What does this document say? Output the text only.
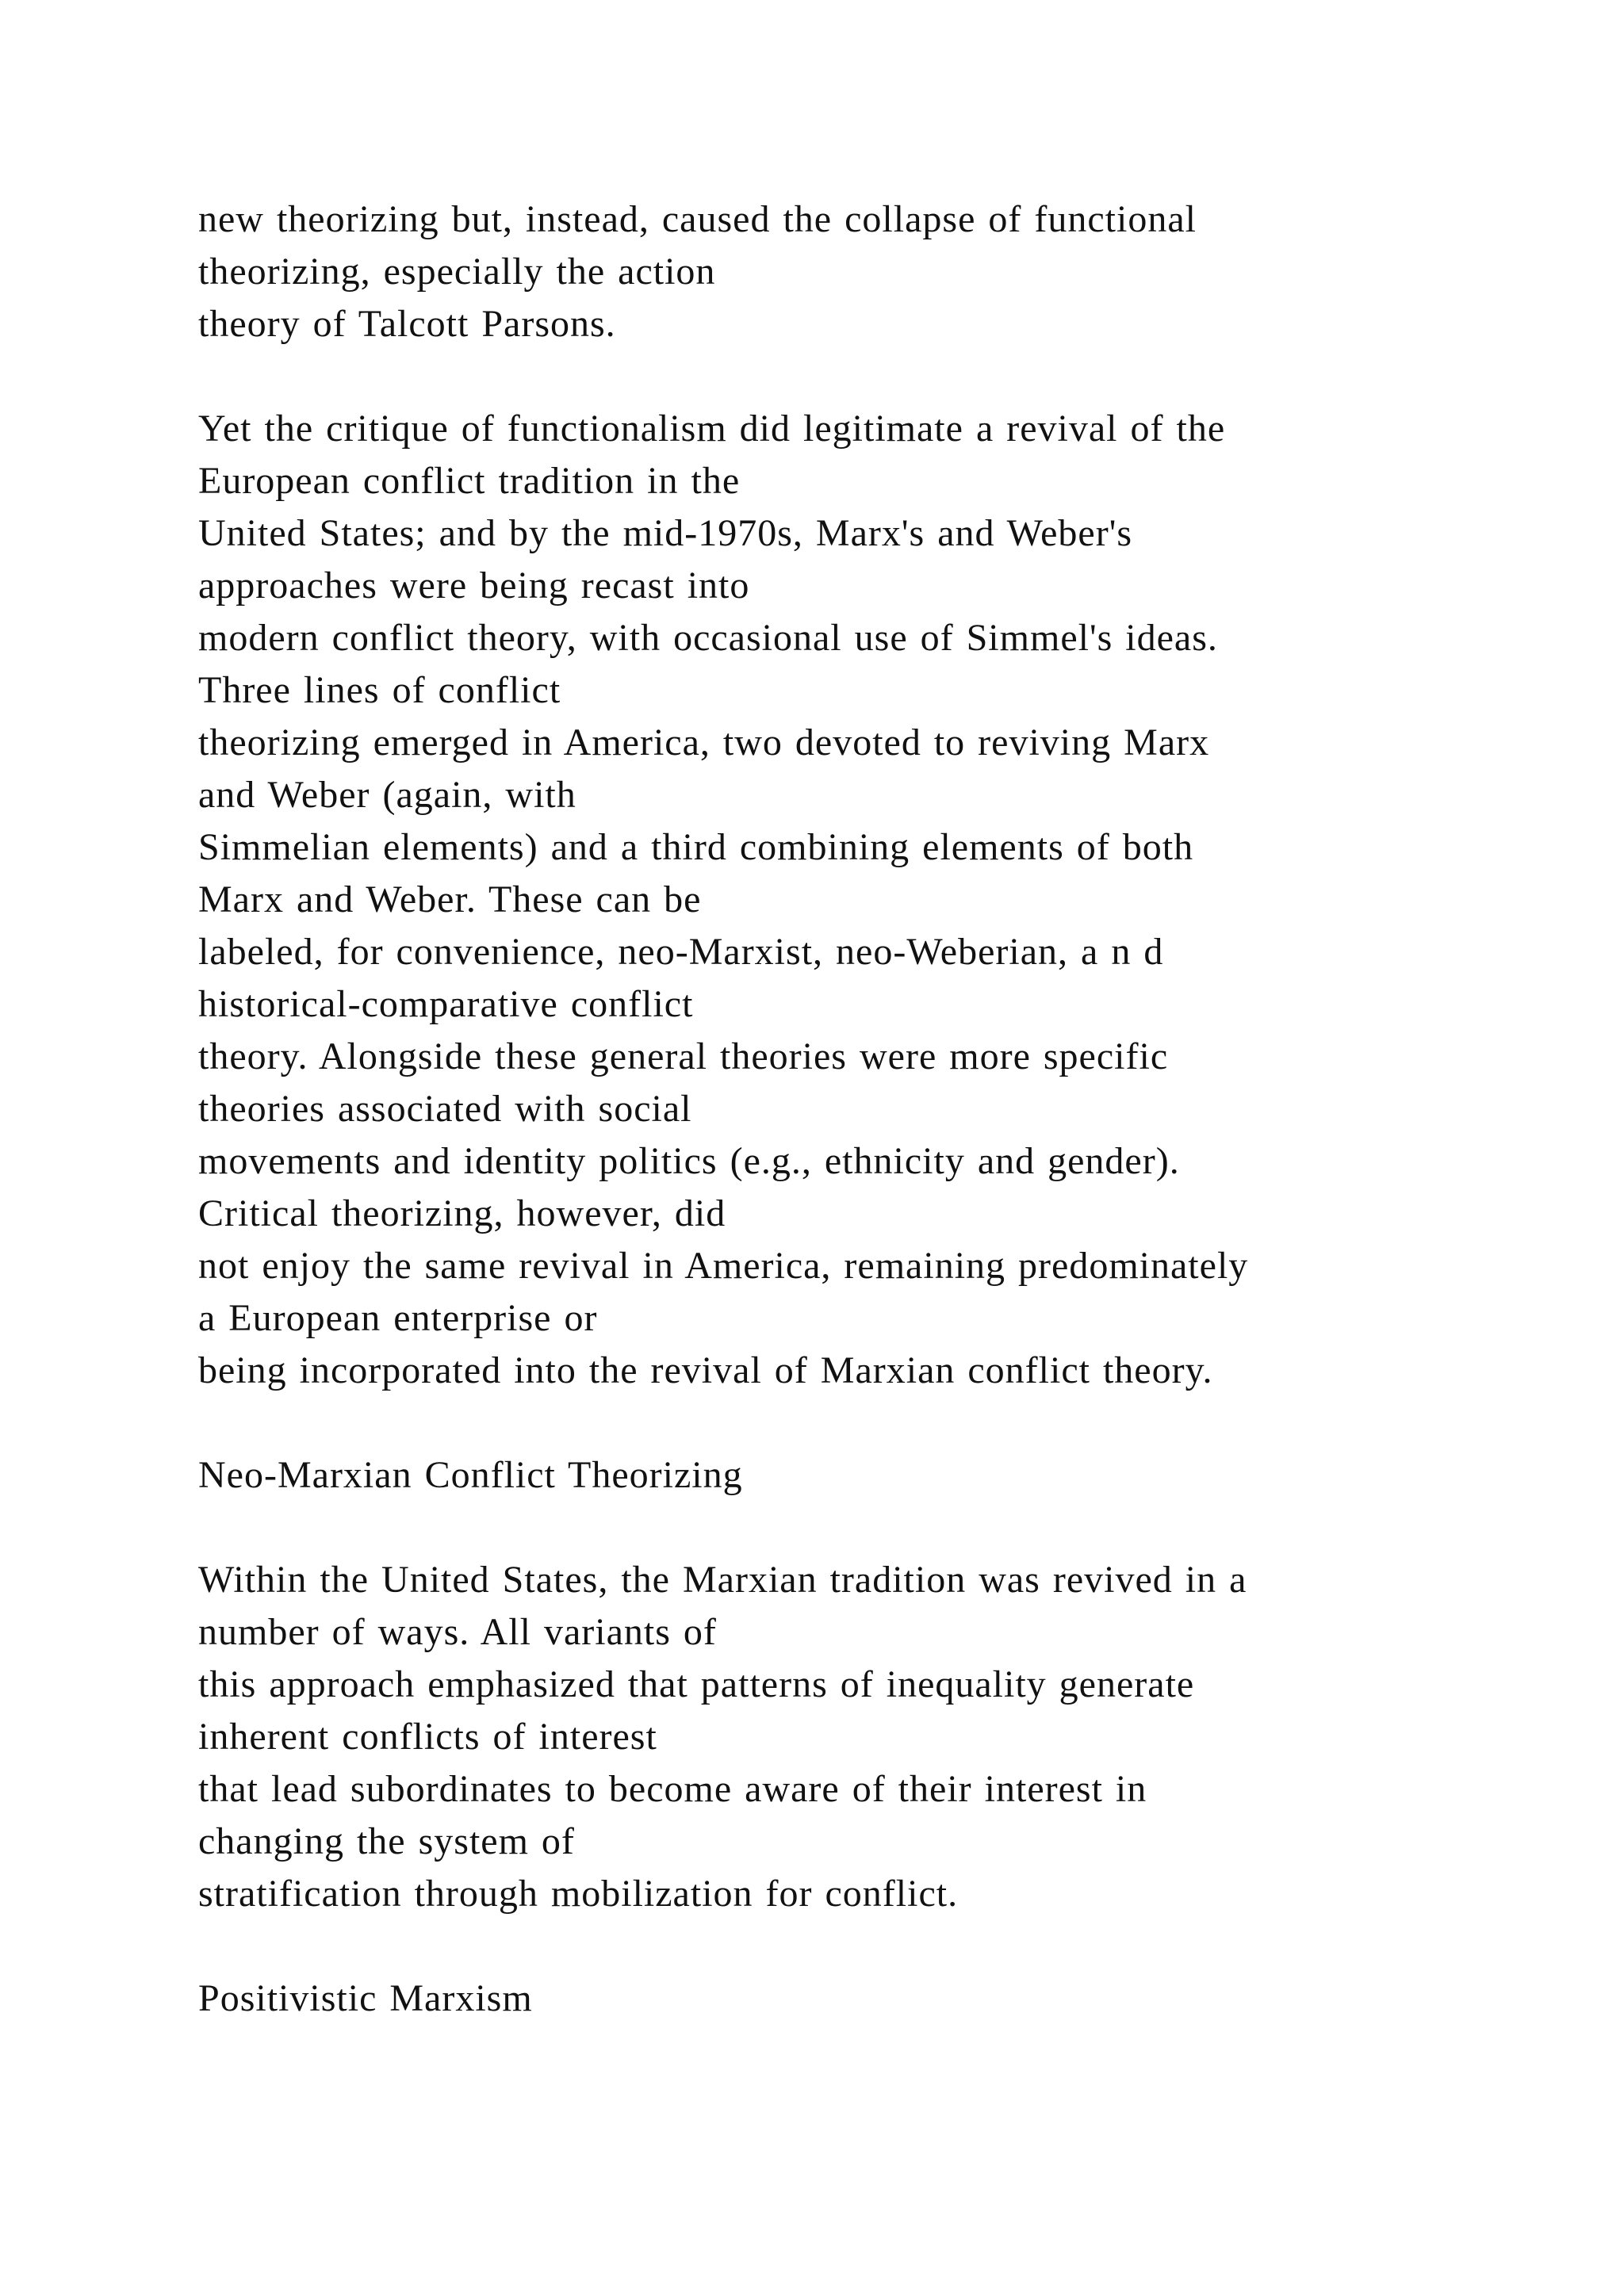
new theorizing but, instead, caused the collapse of functional
theorizing, especially the action
theory of Talcott Parsons.
Yet the critique of functionalism did legitimate a revival of the
European conflict tradition in the
United States; and by the mid-1970s, Marx's and Weber's
approaches were being recast into
modern conflict theory, with occasional use of Simmel's ideas.
Three lines of conflict
theorizing emerged in America, two devoted to reviving Marx
and Weber (again, with
Simmelian elements) and a third combining elements of both
Marx and Weber. These can be
labeled, for convenience, neo-Marxist, neo-Weberian, a n d
historical-comparative conflict
theory. Alongside these general theories were more specific
theories associated with social
movements and identity politics (e.g., ethnicity and gender).
Critical theorizing, however, did
not enjoy the same revival in America, remaining predominately
a European enterprise or
being incorporated into the revival of Marxian conflict theory.
Neo-Marxian Conflict Theorizing
Within the United States, the Marxian tradition was revived in a
number of ways. All variants of
this approach emphasized that patterns of inequality generate
inherent conflicts of interest
that lead subordinates to become aware of their interest in
changing the system of
stratification through mobilization for conflict.
Positivistic Marxism
